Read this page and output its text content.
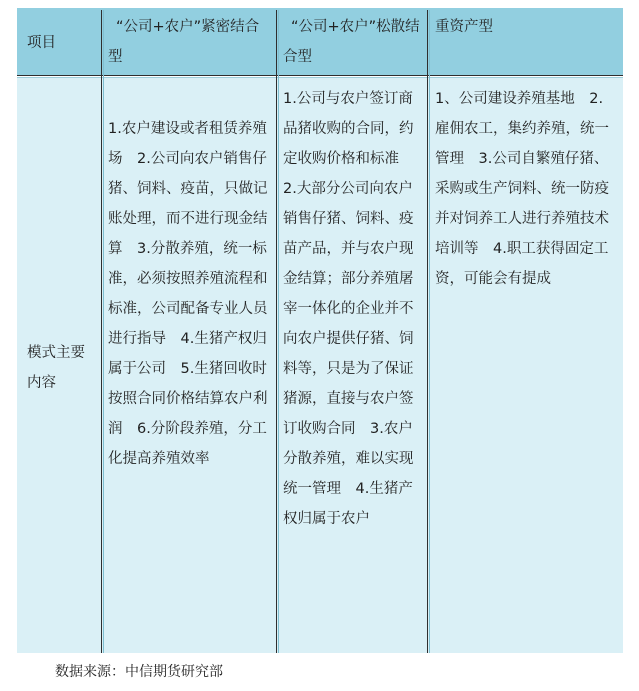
项目
“公司+农户”紧密结合型
“公司+农户”松散结合型
重资产型
模式主要内容
1.农户建设或者租赁养殖场　2.公司向农户销售仔猪、饲料、疫苗，只做记账处理，而不进行现金结算　3.分散养殖，统一标准，必须按照养殖流程和标准，公司配备专业人员进行指导　4.生猪产权归属于公司　5.生猪回收时按照合同价格结算农户利润　6.分阶段养殖，分工化提高养殖效率
1.公司与农户签订商品猪收购的合同，约定收购价格和标准　2.大部分公司向农户销售仔猪、饲料、疫苗产品，并与农户现金结算；部分养殖屠宰一体化的企业并不向农户提供仔猪、饲料等，只是为了保证猪源，直接与农户签订收购合同　3.农户分散养殖，难以实现统一管理　4.生猪产权归属于农户
1、公司建设养殖基地　2.雇佣农工，集约养殖，统一管理　3.公司自繁殖仔猪、采购或生产饲料、统一防疫并对饲养工人进行养殖技术培训等　4.职工获得固定工资，可能会有提成
数据来源：中信期货研究部
